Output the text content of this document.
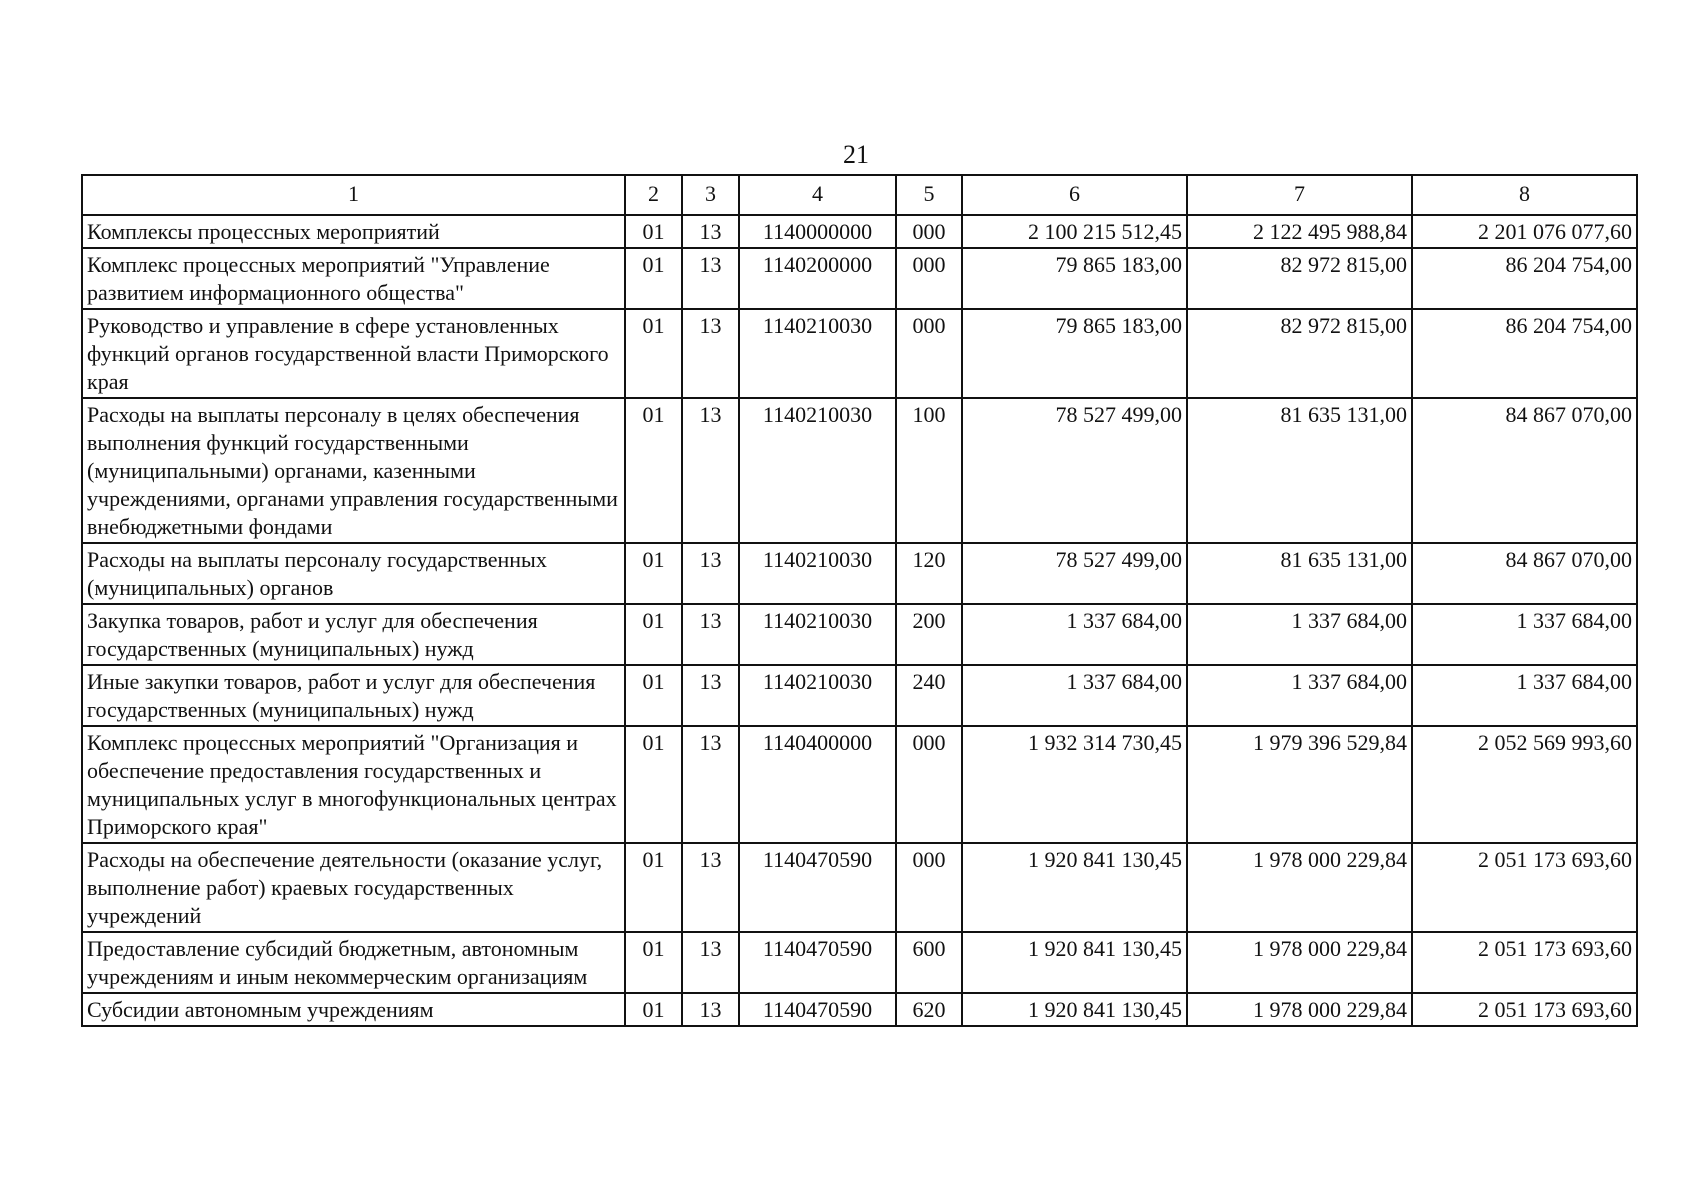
21
1	2	3	4	5	6	7	8
Комплексы процессных мероприятий	01	13	1140000000	000	2 100 215 512,45	2 122 495 988,84	2 201 076 077,60
Комплекс процессных мероприятий "Управление развитием информационного общества"	01	13	1140200000	000	79 865 183,00	82 972 815,00	86 204 754,00
Руководство и управление в сфере установленных функций органов государственной власти Приморского края	01	13	1140210030	000	79 865 183,00	82 972 815,00	86 204 754,00
Расходы на выплаты персоналу в целях обеспечения выполнения функций государственными (муниципальными) органами, казенными учреждениями, органами управления государственными внебюджетными фондами	01	13	1140210030	100	78 527 499,00	81 635 131,00	84 867 070,00
Расходы на выплаты персоналу государственных (муниципальных) органов	01	13	1140210030	120	78 527 499,00	81 635 131,00	84 867 070,00
Закупка товаров, работ и услуг для обеспечения государственных (муниципальных) нужд	01	13	1140210030	200	1 337 684,00	1 337 684,00	1 337 684,00
Иные закупки товаров, работ и услуг для обеспечения государственных (муниципальных) нужд	01	13	1140210030	240	1 337 684,00	1 337 684,00	1 337 684,00
Комплекс процессных мероприятий "Организация и обеспечение предоставления государственных и муниципальных услуг в многофункциональных центрах Приморского края"	01	13	1140400000	000	1 932 314 730,45	1 979 396 529,84	2 052 569 993,60
Расходы на обеспечение деятельности (оказание услуг, выполнение работ) краевых государственных учреждений	01	13	1140470590	000	1 920 841 130,45	1 978 000 229,84	2 051 173 693,60
Предоставление субсидий бюджетным, автономным учреждениям и иным некоммерческим организациям	01	13	1140470590	600	1 920 841 130,45	1 978 000 229,84	2 051 173 693,60
Субсидии автономным учреждениям	01	13	1140470590	620	1 920 841 130,45	1 978 000 229,84	2 051 173 693,60
